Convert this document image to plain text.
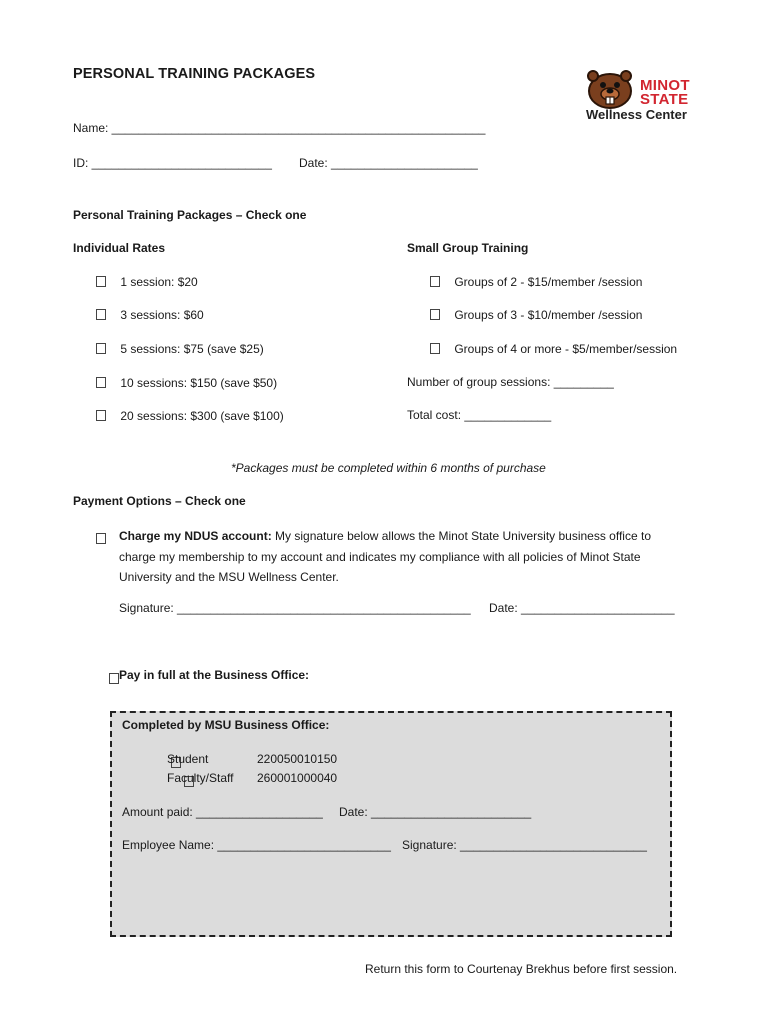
PERSONAL TRAINING PACKAGES
MINOT
STATE
Wellness Center
Name: ________________________________________________________
ID: ___________________________ Date: ______________________
Personal Training Packages – Check one
Individual Rates	Small Group Training
1 session: $20
3 sessions: $60
5 sessions: $75 (save $25)
10 sessions: $150 (save $50)
20 sessions: $300 (save $100)
Groups of 2 - $15/member /session
Groups of 3 - $10/member /session
Groups of 4 or more - $5/member/session
Number of group sessions: _________
Total cost: _____________
*Packages must be completed within 6 months of purchase
Payment Options – Check one

Charge my NDUS account: My signature below allows the Minot State University business office to charge my membership to my account and indicates my compliance with all policies of Minot State University and the MSU Wellness Center.
Signature: ____________________________________________ Date: _______________________

Pay in full at the Business Office:
Completed by MSU Business Office:

Student	220050010150
Faculty/Staff 260001000040
Amount paid: ___________________ Date: ________________________
Employee Name: __________________________ Signature: ____________________________
Return this form to Courtenay Brekhus before first session.
